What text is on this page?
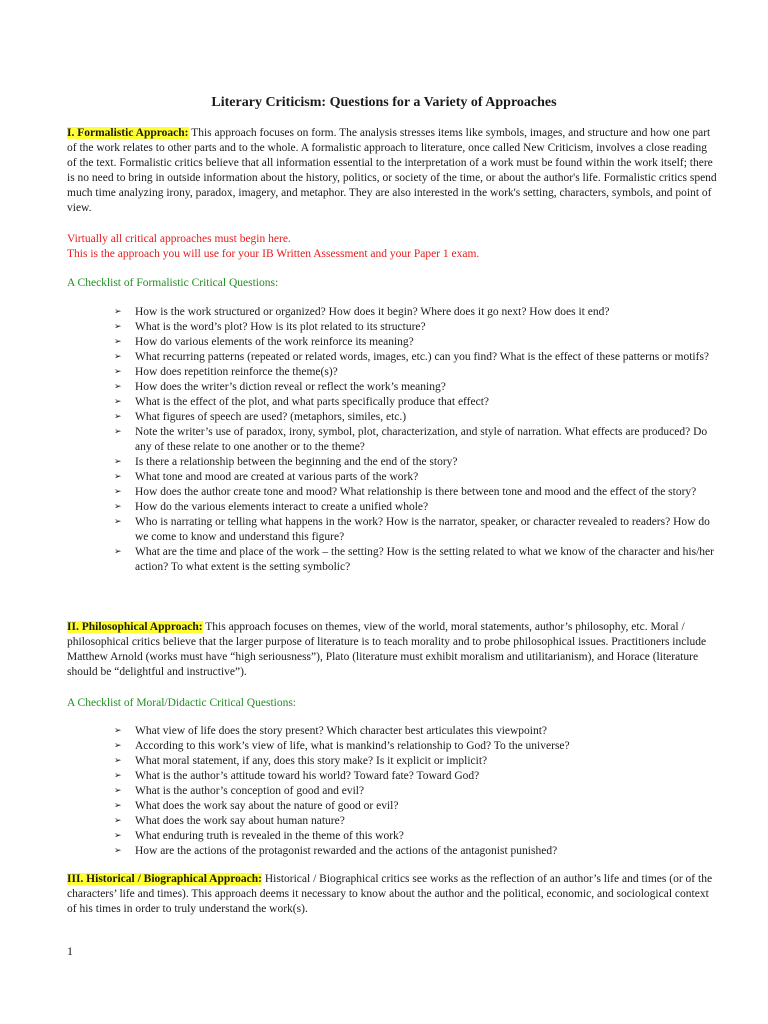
Literary Criticism: Questions for a Variety of Approaches

I. Formalistic Approach: This approach focuses on form. The analysis stresses items like symbols, images, and structure and how one part of the work relates to other parts and to the whole. A formalistic approach to literature, once called New Criticism, involves a close reading of the text. Formalistic critics believe that all information essential to the interpretation of a work must be found within the work itself; there is no need to bring in outside information about the history, politics, or society of the time, or about the author's life. Formalistic critics spend much time analyzing irony, paradox, imagery, and metaphor. They are also interested in the work's setting, characters, symbols, and point of view.

Virtually all critical approaches must begin here.
This is the approach you will use for your IB Written Assessment and your Paper 1 exam.
A Checklist of Formalistic Critical Questions:
➢ How is the work structured or organized? How does it begin? Where does it go next? How does it end?
➢ What is the word’s plot? How is its plot related to its structure?
➢ How do various elements of the work reinforce its meaning?
➢ What recurring patterns (repeated or related words, images, etc.) can you find? What is the effect of these patterns or motifs?
➢ How does repetition reinforce the theme(s)?
➢ How does the writer’s diction reveal or reflect the work’s meaning?
➢ What is the effect of the plot, and what parts specifically produce that effect?
➢ What figures of speech are used? (metaphors, similes, etc.)
➢ Note the writer’s use of paradox, irony, symbol, plot, characterization, and style of narration. What effects are produced? Do any of these relate to one another or to the theme?
➢ Is there a relationship between the beginning and the end of the story?
➢ What tone and mood are created at various parts of the work?
➢ How does the author create tone and mood? What relationship is there between tone and mood and the effect of the story?
➢ How do the various elements interact to create a unified whole?
➢ Who is narrating or telling what happens in the work? How is the narrator, speaker, or character revealed to readers? How do we come to know and understand this figure?
➢ What are the time and place of the work – the setting? How is the setting related to what we know of the character and his/her action? To what extent is the setting symbolic?

II. Philosophical Approach: This approach focuses on themes, view of the world, moral statements, author’s philosophy, etc. Moral / philosophical critics believe that the larger purpose of literature is to teach morality and to probe philosophical issues. Practitioners include Matthew Arnold (works must have “high seriousness”), Plato (literature must exhibit moralism and utilitarianism), and Horace (literature should be “delightful and instructive”).

A Checklist of Moral/Didactic Critical Questions:
➢ What view of life does the story present? Which character best articulates this viewpoint?
➢ According to this work’s view of life, what is mankind’s relationship to God? To the universe?
➢ What moral statement, if any, does this story make? Is it explicit or implicit?
➢ What is the author’s attitude toward his world? Toward fate? Toward God?
➢ What is the author’s conception of good and evil?
➢ What does the work say about the nature of good or evil?
➢ What does the work say about human nature?
➢ What enduring truth is revealed in the theme of this work?
➢ How are the actions of the protagonist rewarded and the actions of the antagonist punished?

III. Historical / Biographical Approach: Historical / Biographical critics see works as the reflection of an author’s life and times (or of the characters’ life and times). This approach deems it necessary to know about the author and the political, economic, and sociological context of his times in order to truly understand the work(s).

1
